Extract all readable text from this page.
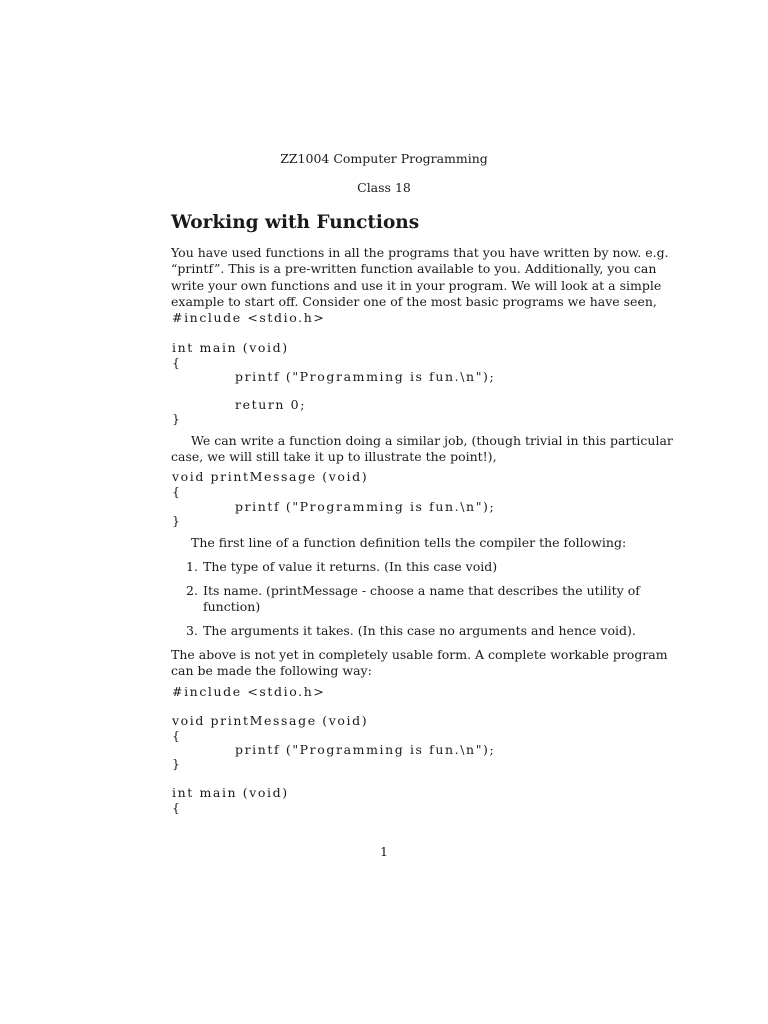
ZZ1004 Computer Programming
Class 18
Working with Functions
You have used functions in all the programs that you have written by now. e.g.
“printf”. This is a pre-written function available to you. Additionally, you can
write your own functions and use it in your program. We will look at a simple
example to start off. Consider one of the most basic programs we have seen,
#include <stdio.h>
int main (void)
{
printf ("Programming is fun.\n");
return 0;
}
We can write a function doing a similar job, (though trivial in this particular
case, we will still take it up to illustrate the point!),
void printMessage (void)
{
printf ("Programming is fun.\n");
}
The first line of a function definition tells the compiler the following:
1. The type of value it returns. (In this case void)
2. Its name. (printMessage - choose a name that describes the utility of
function)
3. The arguments it takes. (In this case no arguments and hence void).
The above is not yet in completely usable form. A complete workable program
can be made the following way:
#include <stdio.h>
void printMessage (void)
{
printf ("Programming is fun.\n");
}
int main (void)
{
1
